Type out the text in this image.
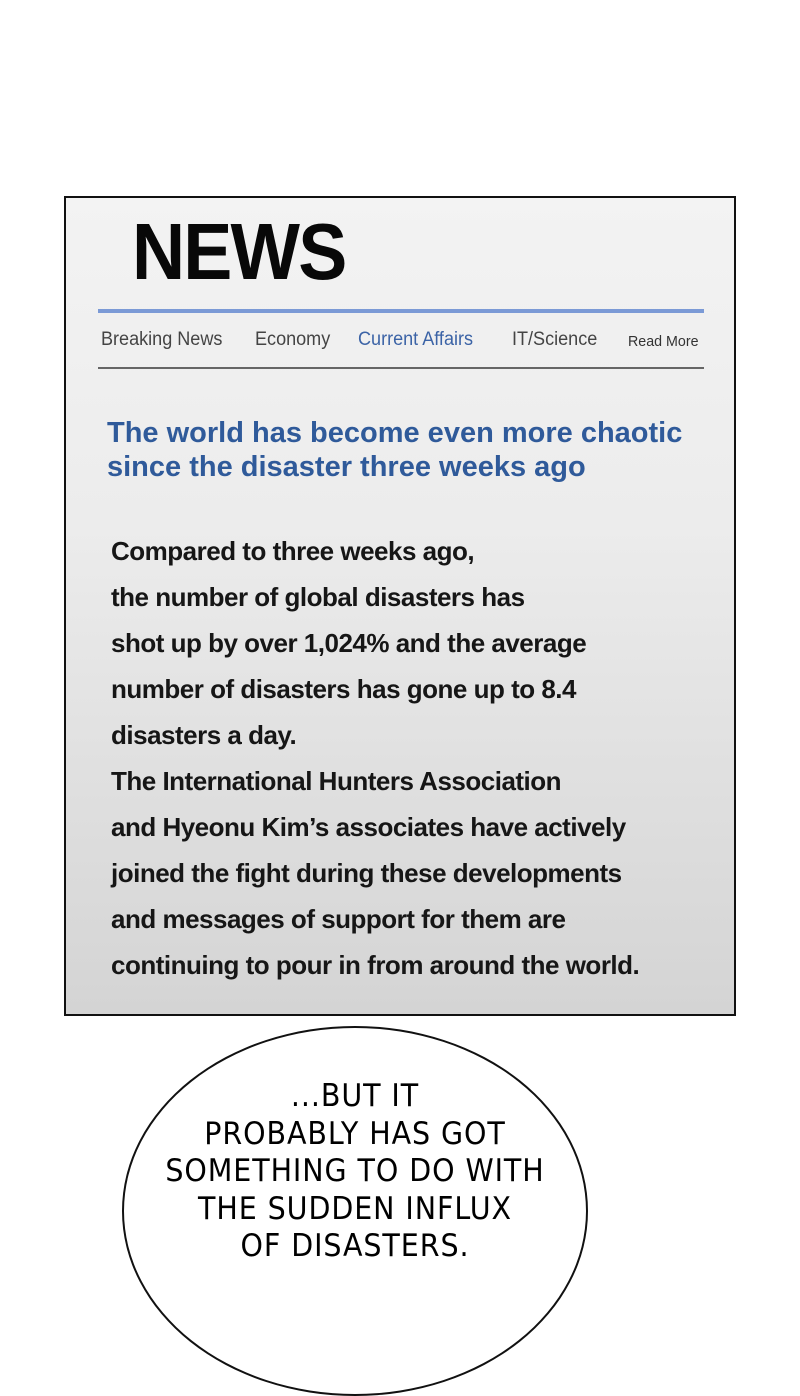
NEWS
Breaking News Economy Current Affairs IT/Science Read More
The world has become even more chaotic since the disaster three weeks ago
Compared to three weeks ago,
the number of global disasters has
shot up by over 1,024% and the average
number of disasters has gone up to 8.4
disasters a day.
The International Hunters Association
and Hyeonu Kim’s associates have actively
joined the fight during these developments
and messages of support for them are
continuing to pour in from around the world.
...BUT IT
PROBABLY HAS GOT
SOMETHING TO DO WITH
THE SUDDEN INFLUX
OF DISASTERS.
